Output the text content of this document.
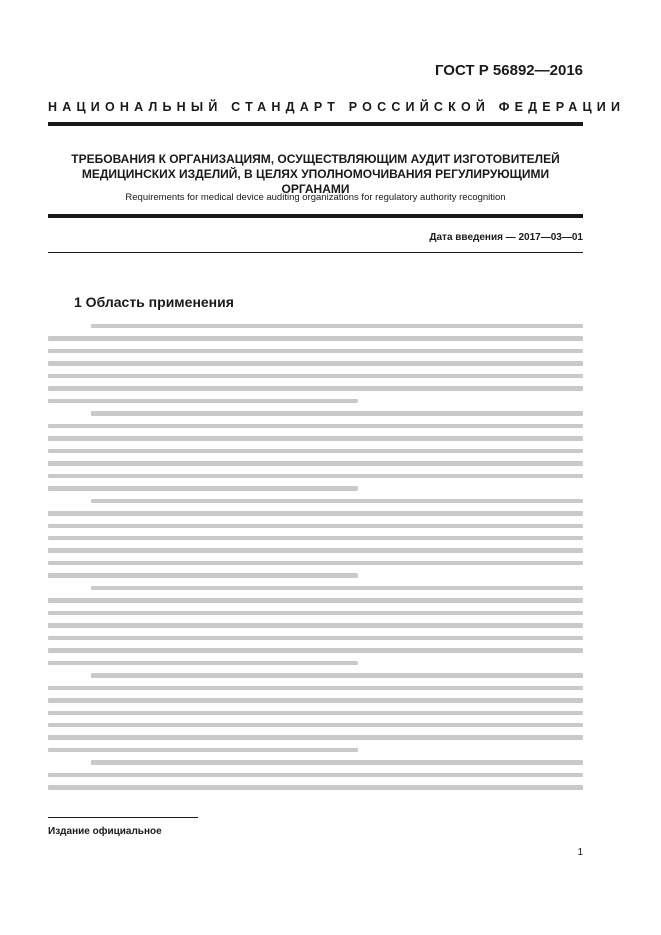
ГОСТ Р 56892—2016
НАЦИОНАЛЬНЫЙ СТАНДАРТ РОССИЙСКОЙ ФЕДЕРАЦИИ
ТРЕБОВАНИЯ К ОРГАНИЗАЦИЯМ, ОСУЩЕСТВЛЯЮЩИМ АУДИТ ИЗГОТОВИТЕЛЕЙ МЕДИЦИНСКИХ ИЗДЕЛИЙ, В ЦЕЛЯХ УПОЛНОМОЧИВАНИЯ РЕГУЛИРУЮЩИМИ ОРГАНАМИ
Requirements for medical device auditing organizations for regulatory authority recognition
Дата введения — 2017—03—01
1 Область применения
Издание официальное
1
